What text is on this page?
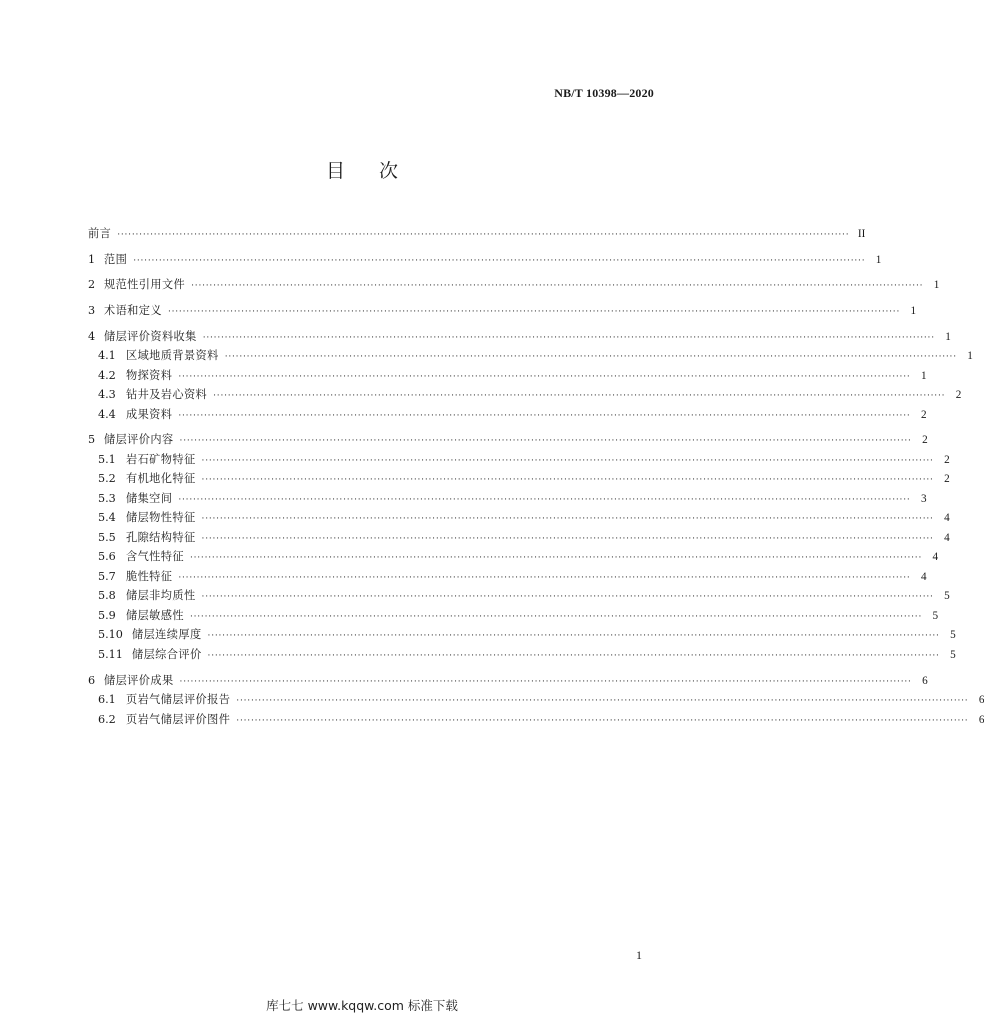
NB/T 10398—2020
目 次
前言 ········································································································································································································ II
1 范围 ········································································································································································································ 1
2 规范性引用文件 ········································································································································································································ 1
3 术语和定义 ········································································································································································································ 1
4 储层评价资料收集 ········································································································································································································ 1
4.1 区域地质背景资料 ········································································································································································································ 1
4.2 物探资料 ········································································································································································································ 1
4.3 钻井及岩心资料 ········································································································································································································ 2
4.4 成果资料 ········································································································································································································ 2
5 储层评价内容 ········································································································································································································ 2
5.1 岩石矿物特征 ········································································································································································································ 2
5.2 有机地化特征 ········································································································································································································ 2
5.3 储集空间 ········································································································································································································ 3
5.4 储层物性特征 ········································································································································································································ 4
5.5 孔隙结构特征 ········································································································································································································ 4
5.6 含气性特征 ········································································································································································································ 4
5.7 脆性特征 ········································································································································································································ 4
5.8 储层非均质性 ········································································································································································································ 5
5.9 储层敏感性 ········································································································································································································ 5
5.10 储层连续厚度 ········································································································································································································ 5
5.11 储层综合评价 ········································································································································································································ 5
6 储层评价成果 ········································································································································································································ 6
6.1 页岩气储层评价报告 ········································································································································································································ 6
6.2 页岩气储层评价图件 ········································································································································································································ 6
1
库七七 www.kqqw.com 标准下载
